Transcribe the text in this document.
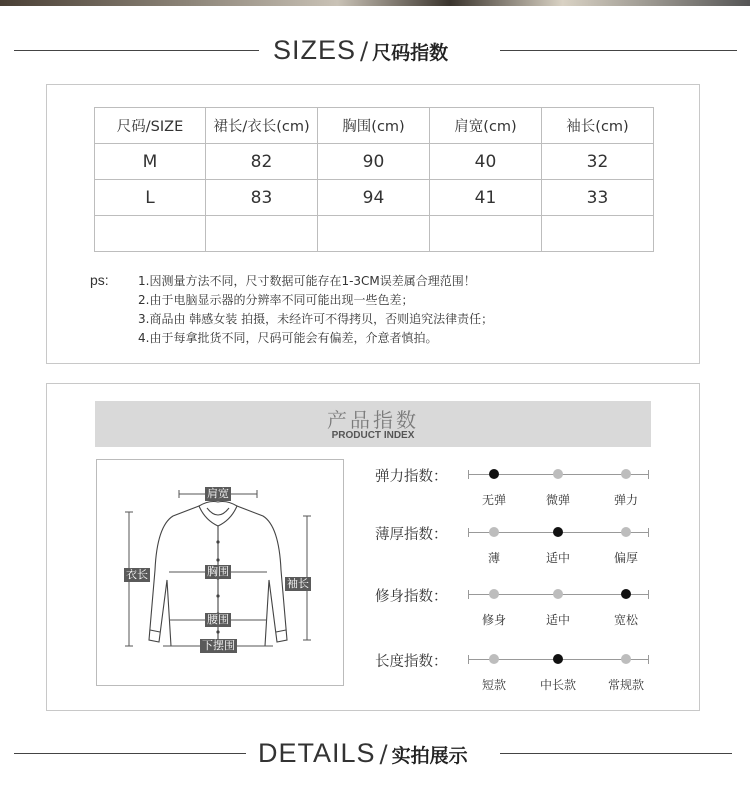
SIZES / 尺码指数
尺码/SIZE	裙长/衣长(cm)	胸围(cm)	肩宽(cm)	袖长(cm)
M	82	90	40	32
L	83	94	41	33

ps: 1.因测量方法不同，尺寸数据可能存在1-3CM误差属合理范围！
2.由于电脑显示器的分辨率不同可能出现一些色差；
3.商品由 韩感女装 拍摄，未经许可不得拷贝，否则追究法律责任；
4.由于每拿批货不同，尺码可能会有偏差，介意者慎拍。
产品指数
PRODUCT INDEX
肩宽
胸围
衣长
袖长
腰围
下摆围
弹力指数：
无弹	微弹	弹力
薄厚指数：
薄	适中	偏厚
修身指数：
修身	适中	宽松
长度指数：
短款	中长款	常规款
DETAILS / 实拍展示
